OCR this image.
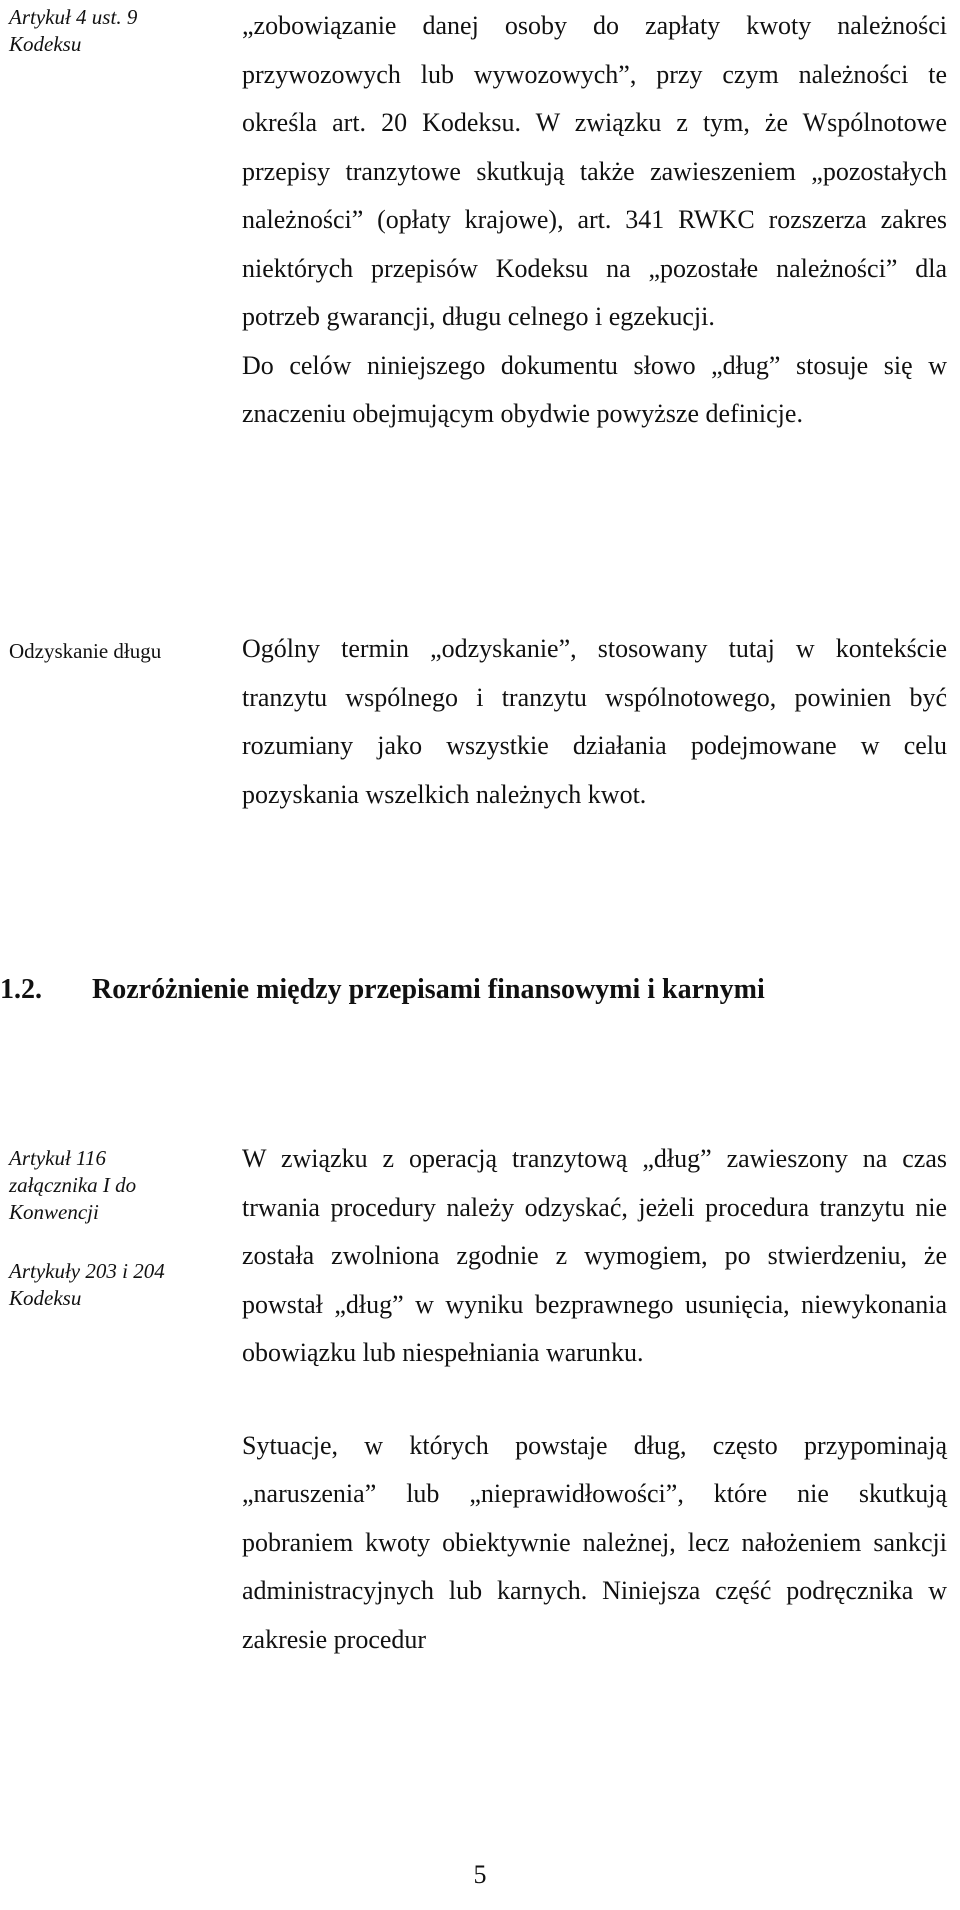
Artykuł 4 ust. 9 Kodeksu

„zobowiązanie danej osoby do zapłaty kwoty należności przywozowych lub wywozowych”, przy czym należności te określa art. 20 Kodeksu. W związku z tym, że Wspólnotowe przepisy tranzytowe skutkują także zawieszeniem „pozostałych należności” (opłaty krajowe), art. 341 RWKC rozszerza zakres niektórych przepisów Kodeksu na „pozostałe należności” dla potrzeb gwarancji, długu celnego i egzekucji.

Do celów niniejszego dokumentu słowo „dług” stosuje się w znaczeniu obejmującym obydwie powyższe definicje.

Odzyskanie długu	Ogólny termin „odzyskanie”, stosowany tutaj w kontekście tranzytu wspólnego i tranzytu wspólnotowego, powinien być rozumiany jako wszystkie działania podejmowane w celu pozyskania wszelkich należnych kwot.

1.2. Rozróżnienie między przepisami finansowymi i karnymi
Artykuł 116 załącznika I do Konwencji
Artykuły 203 i 204 Kodeksu

W związku z operacją tranzytową „dług” zawieszony na czas trwania procedury należy odzyskać, jeżeli procedura tranzytu nie została zwolniona zgodnie z wymogiem, po stwierdzeniu, że powstał „dług” w wyniku bezprawnego usunięcia, niewykonania obowiązku lub niespełniania warunku.

Sytuacje, w których powstaje dług, często przypominają „naruszenia” lub „nieprawidłowości”, które nie skutkują pobraniem kwoty obiektywnie należnej, lecz nałożeniem sankcji administracyjnych lub karnych. Niniejsza część podręcznika w zakresie procedur

5
